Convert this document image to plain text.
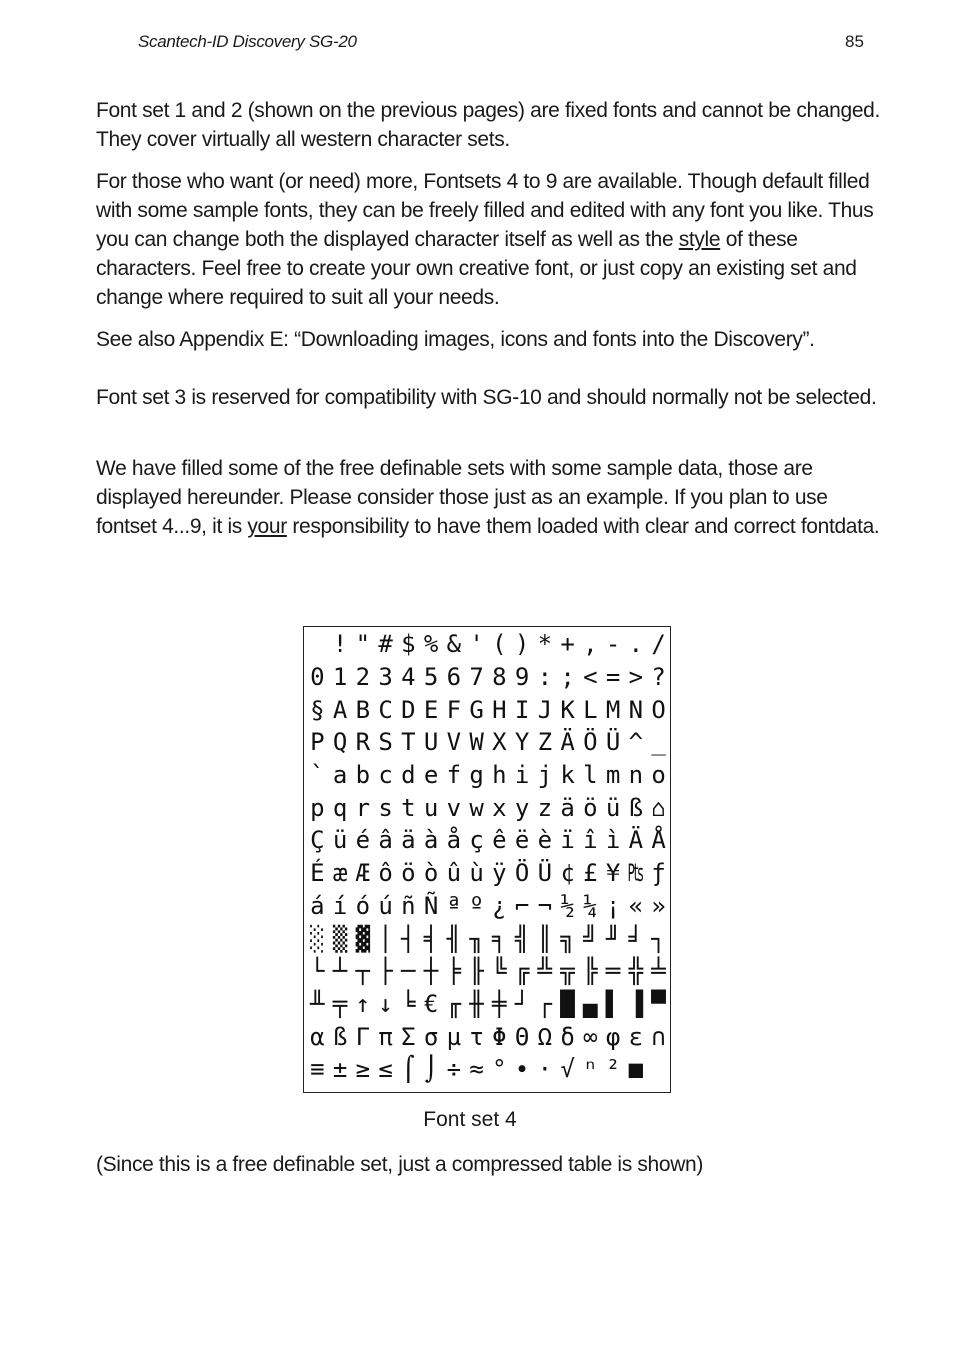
Scantech-ID Discovery SG-20	85

Font set 1 and 2 (shown on the previous pages) are fixed fonts and cannot be changed. They cover virtually all western character sets.

For those who want (or need) more, Fontsets 4 to 9 are available. Though default filled with some sample fonts, they can be freely filled and edited with any font you like. Thus you can change both the displayed character itself as well as the style of these characters. Feel free to create your own creative font, or just copy an existing set and change where required to suit all your needs.

See also Appendix E: “Downloading images, icons and fonts into the Discovery”.

Font set 3 is reserved for compatibility with SG-10 and should normally not be selected.

We have filled some of the free definable sets with some sample data, those are displayed hereunder. Please consider those just as an example. If you plan to use fontset 4...9, it is your responsibility to have them loaded with clear and correct fontdata.

! " # $ % & ' ( ) * + , - . /
0 1 2 3 4 5 6 7 8 9 : ; < = > ?
§ A B C D E F G H I J K L M N O
P Q R S T U V W X Y Z Ä Ö Ü ^ _
` a b c d e f g h i j k l m n o
p q r s t u v w x y z ä ö ü ß ⌂
Ç ü é â ä à å ç ê ë è ï î ì Ä Å
É æ Æ ô ö ò û ù ÿ Ö Ü ¢ £ ¥ ₧ ƒ
á í ó ú ñ Ñ ª º ¿ ⌐ ¬ ½ ¼ ¡ « »
░ ▒ ▓ │ ┤ ╡ ╢ ╖ ╕ ╣ ║ ╗ ╝ ╜ ╛ ┐
└ ┴ ┬ ├ ─ ┼ ╞ ╟ ╚ ╔ ╩ ╦ ╠ ═ ╬ ╧
╨ ╤ ↑ ↓ ╘ € ╓ ╫ ╪ ┘ ┌ █ ▄ ▌ ▐ ▀
α ß Γ π Σ σ µ τ Φ Θ Ω δ ∞ φ ε ∩
≡ ± ≥ ≤ ⌠ ⌡ ÷ ≈ ° ∙ · √ ⁿ ² ■

Font set 4

(Since this is a free definable set, just a compressed table is shown)
